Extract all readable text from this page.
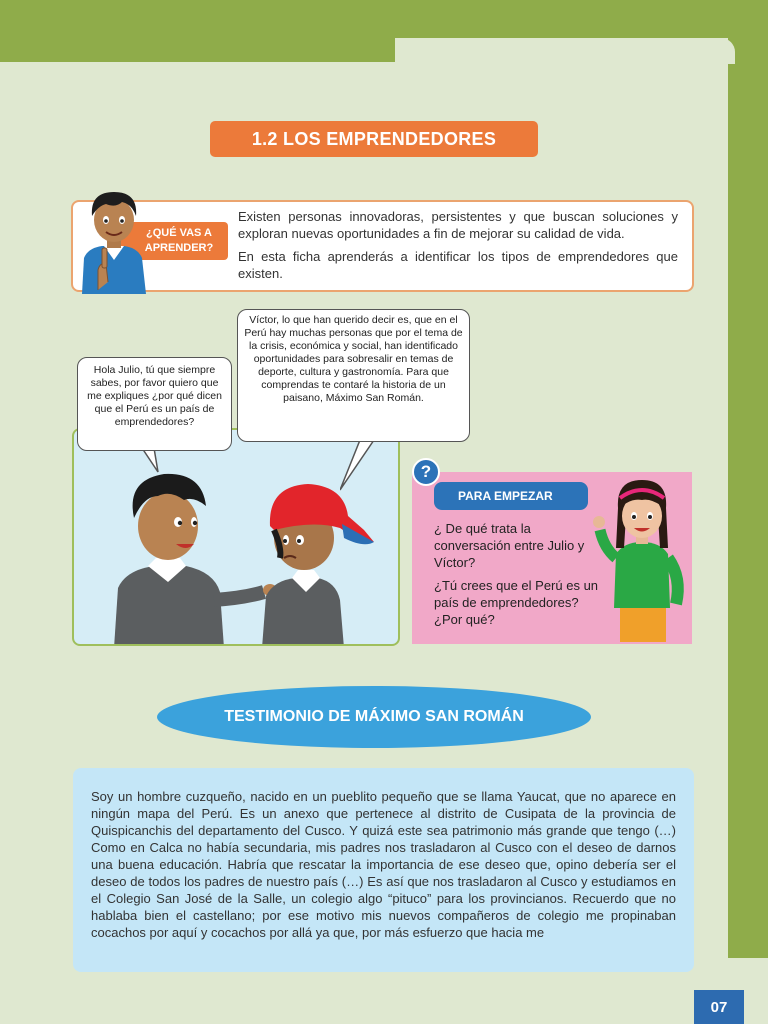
1.2 LOS EMPRENDEDORES
¿QUÉ VAS A
APRENDER?

Existen personas innovadoras, persistentes y que buscan soluciones y exploran nuevas oportunidades a fin de mejorar su calidad de vida.

En esta ficha aprenderás a identificar los tipos de emprendedores que existen.

Hola Julio, tú que siempre sabes, por favor quiero que me expliques ¿por qué dicen que el Perú es un país de emprendedores?
Víctor, lo que han querido decir es, que en el Perú hay muchas personas que por el tema de la crisis, económica y social, han identificado oportunidades para sobresalir en temas de deporte, cultura y gastronomía. Para que comprendas te contaré la historia de un paisano, Máximo San Román.
?
PARA EMPEZAR

¿ De qué trata la conversación entre Julio y Víctor?

¿Tú crees que el Perú es un país de emprendedores? ¿Por qué?

TESTIMONIO DE MÁXIMO SAN ROMÁN

Soy un hombre cuzqueño, nacido en un pueblito pequeño que se llama Yaucat, que no aparece en ningún mapa del Perú. Es un anexo que pertenece al distrito de Cusipata de la provincia de Quispicanchis del departamento del Cusco. Y quizá este sea patrimonio más grande que tengo (…) Como en Calca no había secundaria, mis padres nos trasladaron al Cusco con el deseo de darnos una buena educación. Habría que rescatar la importancia de ese deseo que, opino debería ser el deseo de todos los padres de nuestro país (…) Es así que nos trasladaron al Cusco y estudiamos en el Colegio San José de la Salle, un colegio algo “pituco” para los provincianos. Recuerdo que no hablaba bien el castellano; por ese motivo mis nuevos compañeros de colegio me propinaban cocachos por aquí y cocachos por allá ya que, por más esfuerzo que hacia me

07
